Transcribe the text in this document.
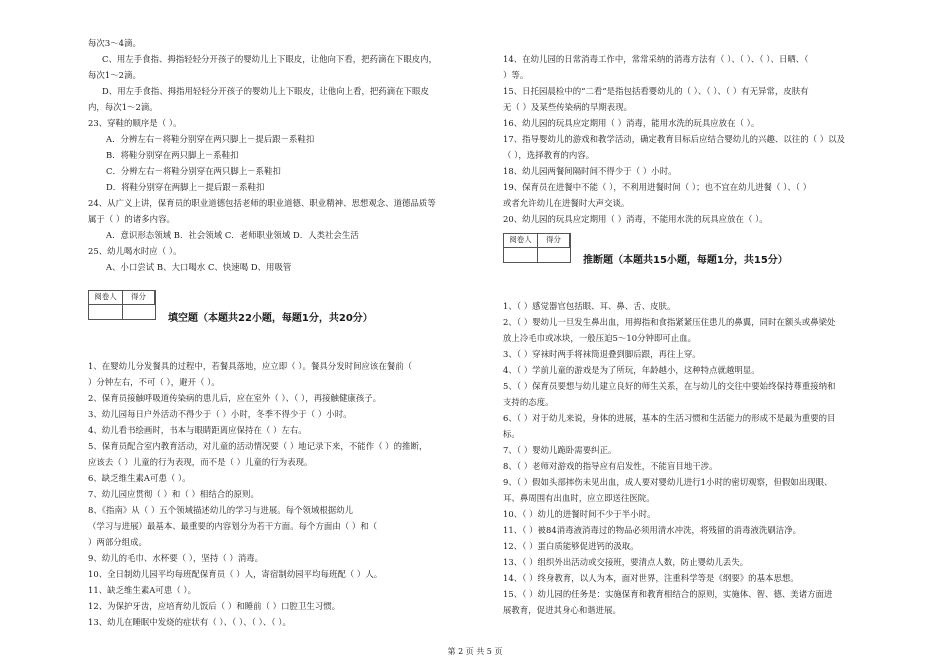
每次3～4滴。
C、用左手食指、拇指轻轻分开孩子的婴幼儿上下眼皮，让他向下看，把药滴在下眼皮内，
每次1～2滴。
D、用左手食指、拇指用轻轻分开孩子的婴幼儿上下眼皮，让他向上看，把药滴在下眼皮
内，每次1～2滴。
23、穿鞋的顺序是（ ）。
A．分辨左右－将鞋分别穿在两只脚上－提后跟－系鞋扣
B．将鞋分别穿在两只脚上－系鞋扣
C．分辨左右－将鞋分别穿在两只脚上－系鞋扣
D．将鞋分别穿在两脚上－提后跟－系鞋扣
24、从广义上讲，保育员的职业道德包括老师的职业道德、职业精神、思想观念、道德品质等
属于（ ）的诸多内容。
A．意识形态领域 B．社会领域 C．老师职业领域 D．人类社会生活
25、幼儿喝水时应（ ）。
A、小口尝试 B、大口喝水 C、快速喝 D、用吸管
阅卷人	得分
填空题（本题共22小题，每题1分，共20分）
1、在婴幼儿分发餐具的过程中，若餐具落地，应立即（ ）。餐具分发时间应该在餐前（
）分钟左右，不可（ ），避开（ ）。
2、保育员接触呼吸道传染病的患儿后，应在室外（ ）、（ ），再接触健康孩子。
3、幼儿园每日户外活动不得少于（ ）小时，冬季不得少于（ ）小时。
4、幼儿看书绘画时，书本与眼睛距离应保持在（ ）左右。
5、保育员配合室内教育活动，对儿童的活动情况要（ ）地记录下来，不能作（ ）的推断，
应该去（ ）儿童的行为表现，而不是（ ）儿童的行为表现。
6、缺乏维生素A可患（ ）。
7、幼儿园应贯彻（ ）和（ ）相结合的原则。
8、《指南》从（ ）五个领域描述幼儿的学习与进展。每个领域根据幼儿
（学习与进展）最基本、最重要的内容划分为若干方面。每个方面由（ ）和（
）两部分组成。
9、幼儿的毛巾、水杯要（ ），坚持（ ）消毒。
10、全日制幼儿园平均每班配保育员（ ）人，寄宿制幼园平均每班配（ ）人。
11、缺乏维生素A可患（ ）。
12、为保护牙齿，应培育幼儿饭后（ ）和睡前（ ）口腔卫生习惯。
13、幼儿在睡眠中发烧的症状有（ ）、（ ）、（ ）、（ ）。
14、在幼儿园的日常消毒工作中，常常采纳的消毒方法有（ ）、（ ）、（ ）、日晒、（
）等。
15、日托园晨检中的“二看”是指包括看婴幼儿的（ ）、（ ）、（ ）有无异常，皮肤有
无（ ）及某些传染病的早期表现。
16、幼儿园的玩具应定期用（ ）消毒，能用水洗的玩具应放在（ ）。
17、指导婴幼儿的游戏和教学活动，确定教育目标后应结合婴幼儿的兴趣、以往的（ ）以及
（ ），选择教育的内容。
18、幼儿园两餐间隔时间不得少于（ ）小时。
19、保育员在进餐中不能（ ），不利用进餐时间（ ）；也不宜在幼儿进餐（ ）、（ ）
或者允许幼儿在进餐时大声交谈。
20、幼儿园的玩具应定期用（ ）消毒，不能用水洗的玩具应放在（ ）。
阅卷人	得分
推断题（本题共15小题，每题1分，共15分）
1、（ ）感觉器官包括眼、耳、鼻、舌、皮肤。
2、（ ）婴幼儿一旦发生鼻出血，用拇指和食指紧紧压住患儿的鼻翼，同时在额头或鼻梁处
放上冷毛巾或冰块，一般压迫5～10分钟即可止血。
3、（ ）穿袜时两手将袜筒退叠到脚后跟，再往上穿。
4、（ ）学前儿童的游戏是为了所玩，年龄越小，这种特点就越明显。
5、（ ）保育员要想与幼儿建立良好的师生关系，在与幼儿的交往中要始终保持尊重接纳和
支持的态度。
6、（ ）对于幼儿来说，身体的进展，基本的生活习惯和生活能力的形成不是最为重要的目
标。
7、（ ）婴幼儿跪卧需要纠正。
8、（ ）老师对游戏的指导应有启发性，不能盲目地干涉。
9、（ ）假如头部摔伤未见出血，成人要对婴幼儿进行1小时的密切观察，但假如出现眼、
耳、鼻周围有出血时，应立即送往医院。
10、（ ）幼儿的进餐时间不少于半小时。
11、（ ）被84消毒液消毒过的物品必须用清水冲洗，将残留的消毒液洗刷洁净。
12、（ ）蛋白质能够促进钙的汲取。
13、（ ）组织外出活动或交接班，要清点人数，防止婴幼儿丢失。
14、（ ）终身教育，以人为本，面对世界，注重科学等是《纲要》的基本思想。
15、（ ）幼儿园的任务是：实施保育和教育相结合的原则，实施体、智、德、美诸方面进
展教育，促进其身心和谐进展。
第 2 页 共 5 页
